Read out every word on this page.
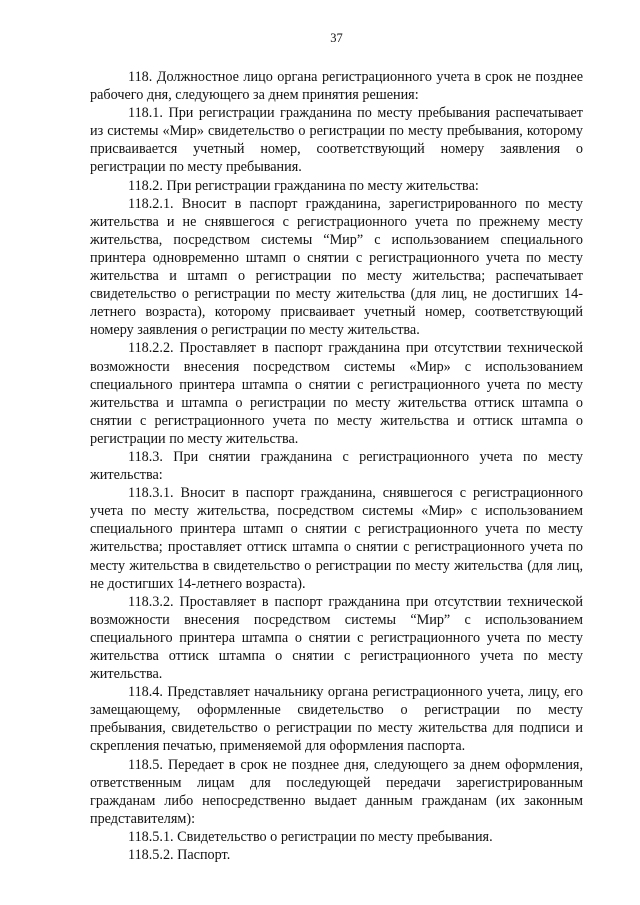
37

118. Должностное лицо органа регистрационного учета в срок не позднее рабочего дня, следующего за днем принятия решения:

118.1. При регистрации гражданина по месту пребывания распечатывает из системы «Мир» свидетельство о регистрации по месту пребывания, которому присваивается учетный номер, соответствующий номеру заявления о регистрации по месту пребывания.

118.2. При регистрации гражданина по месту жительства:

118.2.1. Вносит в паспорт гражданина, зарегистрированного по месту жительства и не снявшегося с регистрационного учета по прежнему месту жительства, посредством системы “Мир” с использованием специального принтера одновременно штамп о снятии с регистрационного учета по месту жительства и штамп о регистрации по месту жительства; распечатывает свидетельство о регистрации по месту жительства (для лиц, не достигших 14-летнего возраста), которому присваивает учетный номер, соответствующий номеру заявления о регистрации по месту жительства.

118.2.2. Проставляет в паспорт гражданина при отсутствии технической возможности внесения посредством системы «Мир» с использованием специального принтера штампа о снятии с регистрационного учета по месту жительства и штампа о регистрации по месту жительства оттиск штампа о снятии с регистрационного учета по месту жительства и оттиск штампа о регистрации по месту жительства.

118.3. При снятии гражданина с регистрационного учета по месту жительства:

118.3.1. Вносит в паспорт гражданина, снявшегося с регистрационного учета по месту жительства, посредством системы «Мир» с использованием специального принтера штамп о снятии с регистрационного учета по месту жительства; проставляет оттиск штампа о снятии с регистрационного учета по месту жительства в свидетельство о регистрации по месту жительства (для лиц, не достигших 14-летнего возраста).

118.3.2. Проставляет в паспорт гражданина при отсутствии технической возможности внесения посредством системы “Мир” с использованием специального принтера штампа о снятии с регистрационного учета по месту жительства оттиск штампа о снятии с регистрационного учета по месту жительства.

118.4. Представляет начальнику органа регистрационного учета, лицу, его замещающему, оформленные свидетельство о регистрации по месту пребывания, свидетельство о регистрации по месту жительства для подписи и скрепления печатью, применяемой для оформления паспорта.

118.5. Передает в срок не позднее дня, следующего за днем оформления, ответственным лицам для последующей передачи зарегистрированным гражданам либо непосредственно выдает данным гражданам (их законным представителям):

118.5.1. Свидетельство о регистрации по месту пребывания.

118.5.2. Паспорт.
